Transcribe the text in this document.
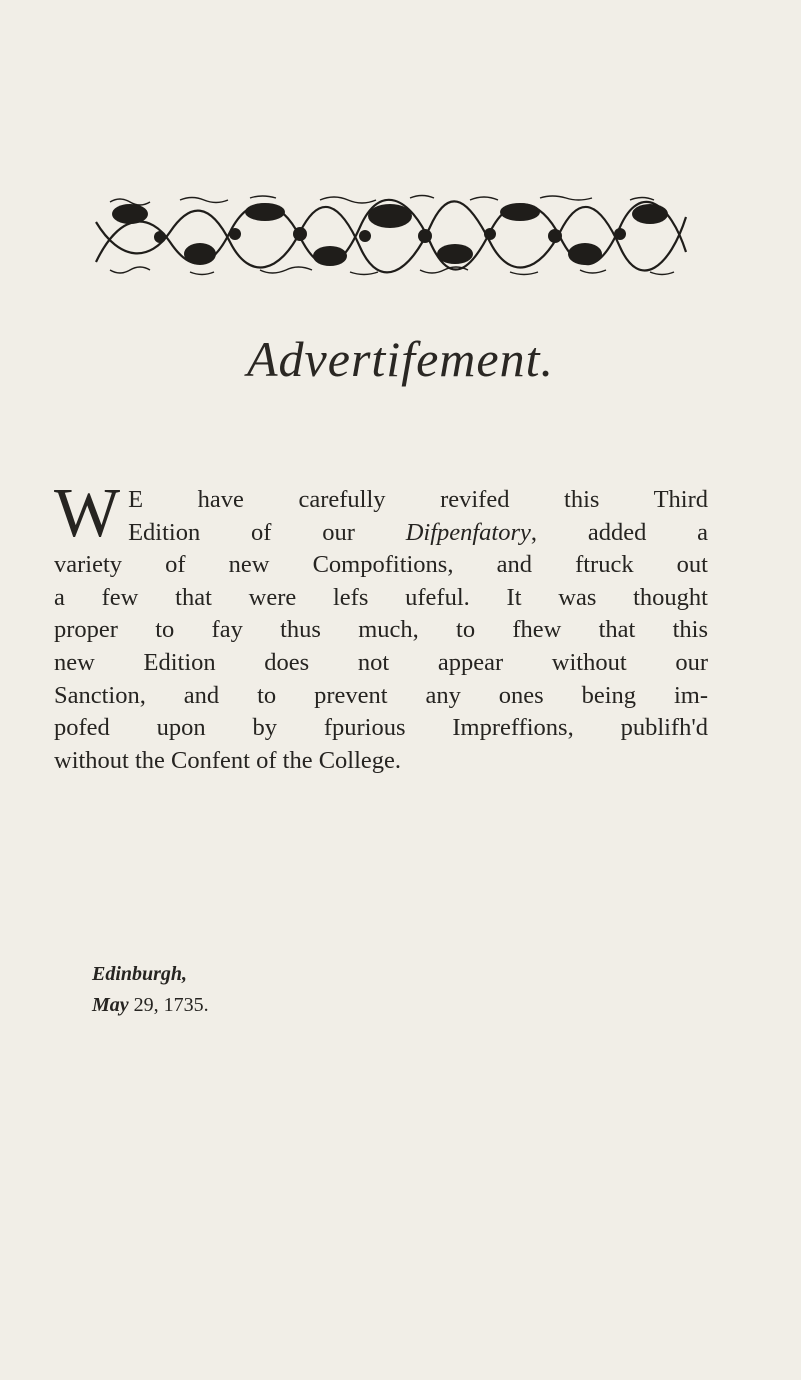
Advertifement.
W E have carefully revifed this Third
Edition of our Difpenfatory, added a
variety of new Compofitions, and ftruck out
a few that were lefs ufeful. It was thought
proper to fay thus much, to fhew that this
new Edition does not appear without our
Sanction, and to prevent any ones being im-
pofed upon by fpurious Impreffions, publifh'd
without the Confent of the College.
Edinburgh,
May 29, 1735.
